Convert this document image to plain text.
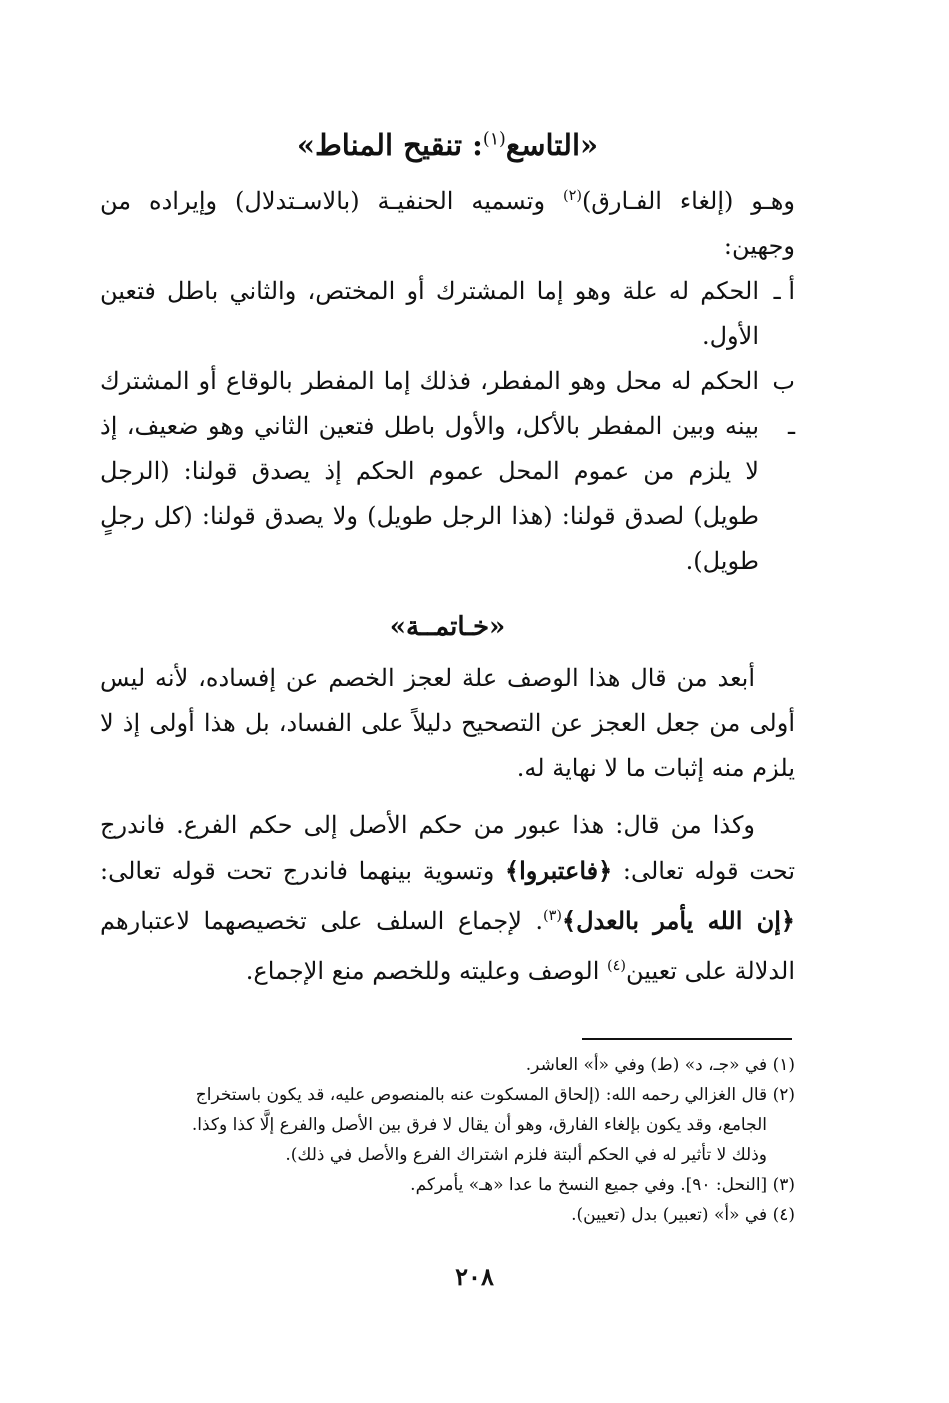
«التاسع$^{(١)}$: تنقيح المناط»

وهـو (إلغاء الفـارق)$^{(٢)}$ وتسميه الحنفيـة (بالاسـتدلال) وإيراده من وجهين:

أ ـ
الحكم له علة وهو إما المشترك أو المختص، والثاني باطل فتعين الأول.
ب ـ
الحكم له محل وهو المفطر، فذلك إما المفطر بالوقاع أو المشترك بينه وبين المفطر بالأكل، والأول باطل فتعين الثاني وهو ضعيف، إذ لا يلزم من عموم المحل عموم الحكم إذ يصدق قولنا: (الرجل طويل) لصدق قولنا: (هذا الرجل طويل) ولا يصدق قولنا: (كل رجلٍ طويل).
«خـاتمــة»

أبعد من قال هذا الوصف علة لعجز الخصم عن إفساده، لأنه ليس أولى من جعل العجز عن التصحيح دليلاً على الفساد، بل هذا أولى إذ لا يلزم منه إثبات ما لا نهاية له.

وكذا من قال: هذا عبور من حكم الأصل إلى حكم الفرع. فاندرج تحت قوله تعالى: ﴿فاعتبروا﴾ وتسوية بينهما فاندرج تحت قوله تعالى: ﴿إن الله يأمر بالعدل﴾$^{(٣)}$. لإجماع السلف على تخصيصهما لاعتبارهم الدلالة على تعيين$^{(٤)}$ الوصف وعليته وللخصم منع الإجماع.

(١) في «جـ، د» (ط) وفي «أ» العاشر.

(٢) قال الغزالي رحمه الله: (إلحاق المسكوت عنه بالمنصوص عليه، قد يكون باستخراج

الجامع، وقد يكون بإلغاء الفارق، وهو أن يقال لا فرق بين الأصل والفرع إلَّا كذا وكذا.

وذلك لا تأثير له في الحكم ألبتة فلزم اشتراك الفرع والأصل في ذلك).

(٣) [النحل: ٩٠]. وفي جميع النسخ ما عدا «هـ» يأمركم.

(٤) في «أ» (تعبير) بدل (تعيين).

٢٠٨
